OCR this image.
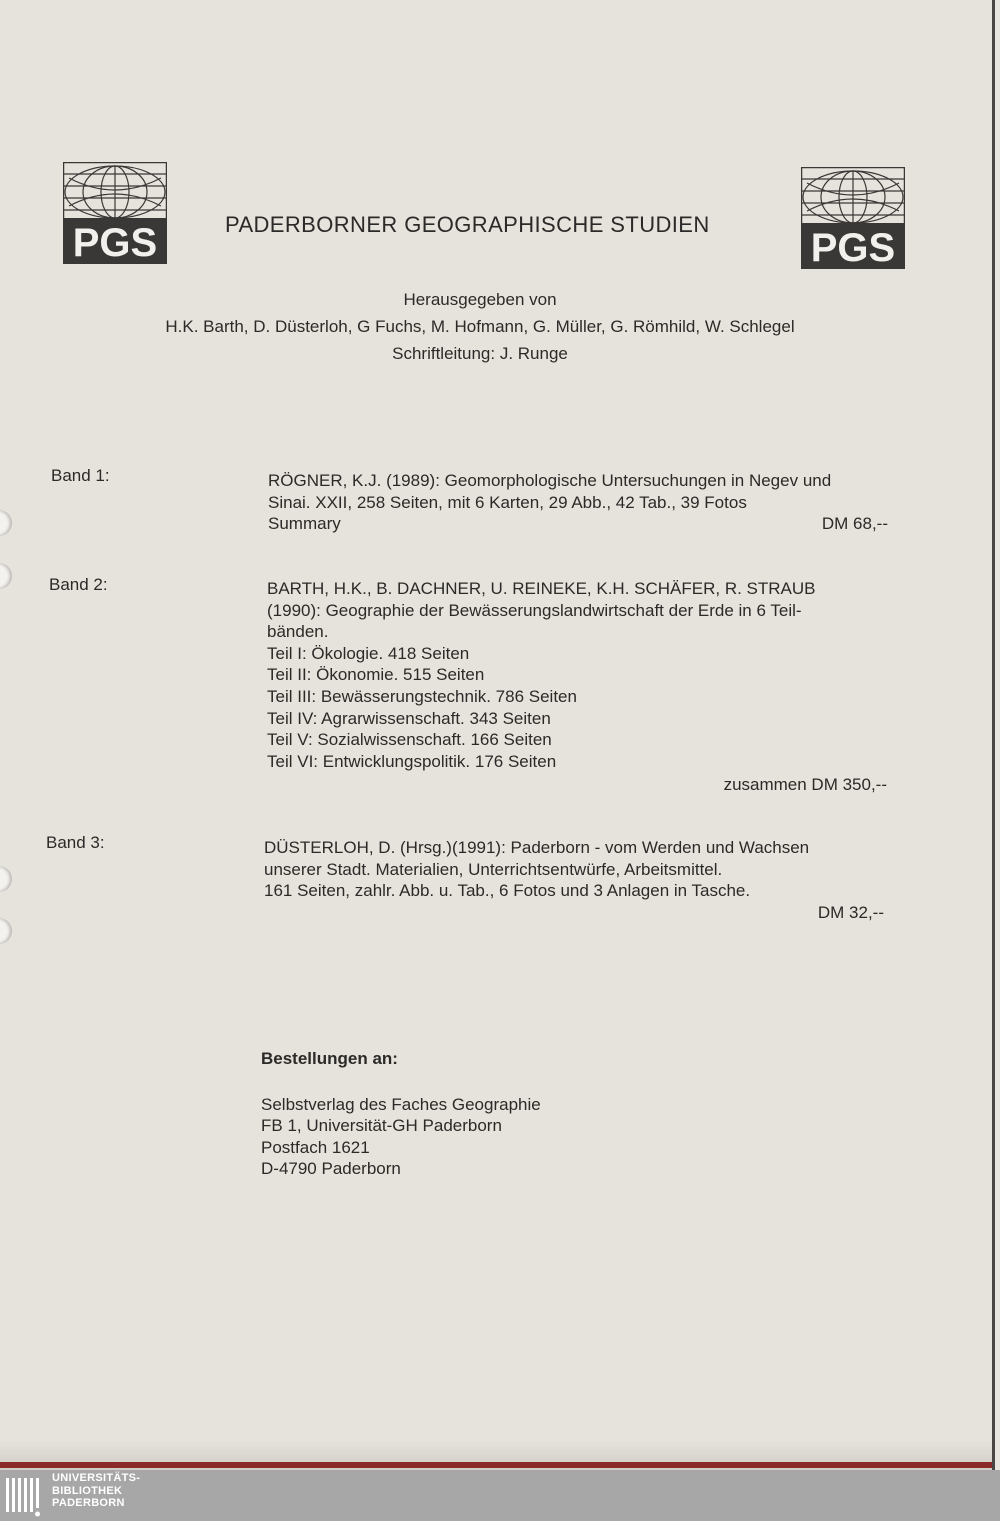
PGS	PGS
PADERBORNER GEOGRAPHISCHE STUDIEN
Herausgegeben von
H.K. Barth, D. Düsterloh, G Fuchs, M. Hofmann, G. Müller, G. Römhild, W. Schlegel
Schriftleitung: J. Runge
Band 1:	RÖGNER, K.J. (1989): Geomorphologische Untersuchungen in Negev und
Sinai. XXII, 258 Seiten, mit 6 Karten, 29 Abb., 42 Tab., 39 Fotos
Summary	DM 68,--
Band 2:	BARTH, H.K., B. DACHNER, U. REINEKE, K.H. SCHÄFER, R. STRAUB
(1990): Geographie der Bewässerungslandwirtschaft der Erde in 6 Teil-
bänden.
Teil I: Ökologie. 418 Seiten
Teil II: Ökonomie. 515 Seiten
Teil III: Bewässerungstechnik. 786 Seiten
Teil IV: Agrarwissenschaft. 343 Seiten
Teil V: Sozialwissenschaft. 166 Seiten
Teil VI: Entwicklungspolitik. 176 Seiten
zusammen DM 350,--
Band 3:	DÜSTERLOH, D. (Hrsg.)(1991): Paderborn - vom Werden und Wachsen
unserer Stadt. Materialien, Unterrichtsentwürfe, Arbeitsmittel.
161 Seiten, zahlr. Abb. u. Tab., 6 Fotos und 3 Anlagen in Tasche.
DM 32,--
Bestellungen an:
Selbstverlag des Faches Geographie
FB 1, Universität-GH Paderborn
Postfach 1621
D-4790 Paderborn
UNIVERSITÄTS-
BIBLIOTHEK
PADERBORN
